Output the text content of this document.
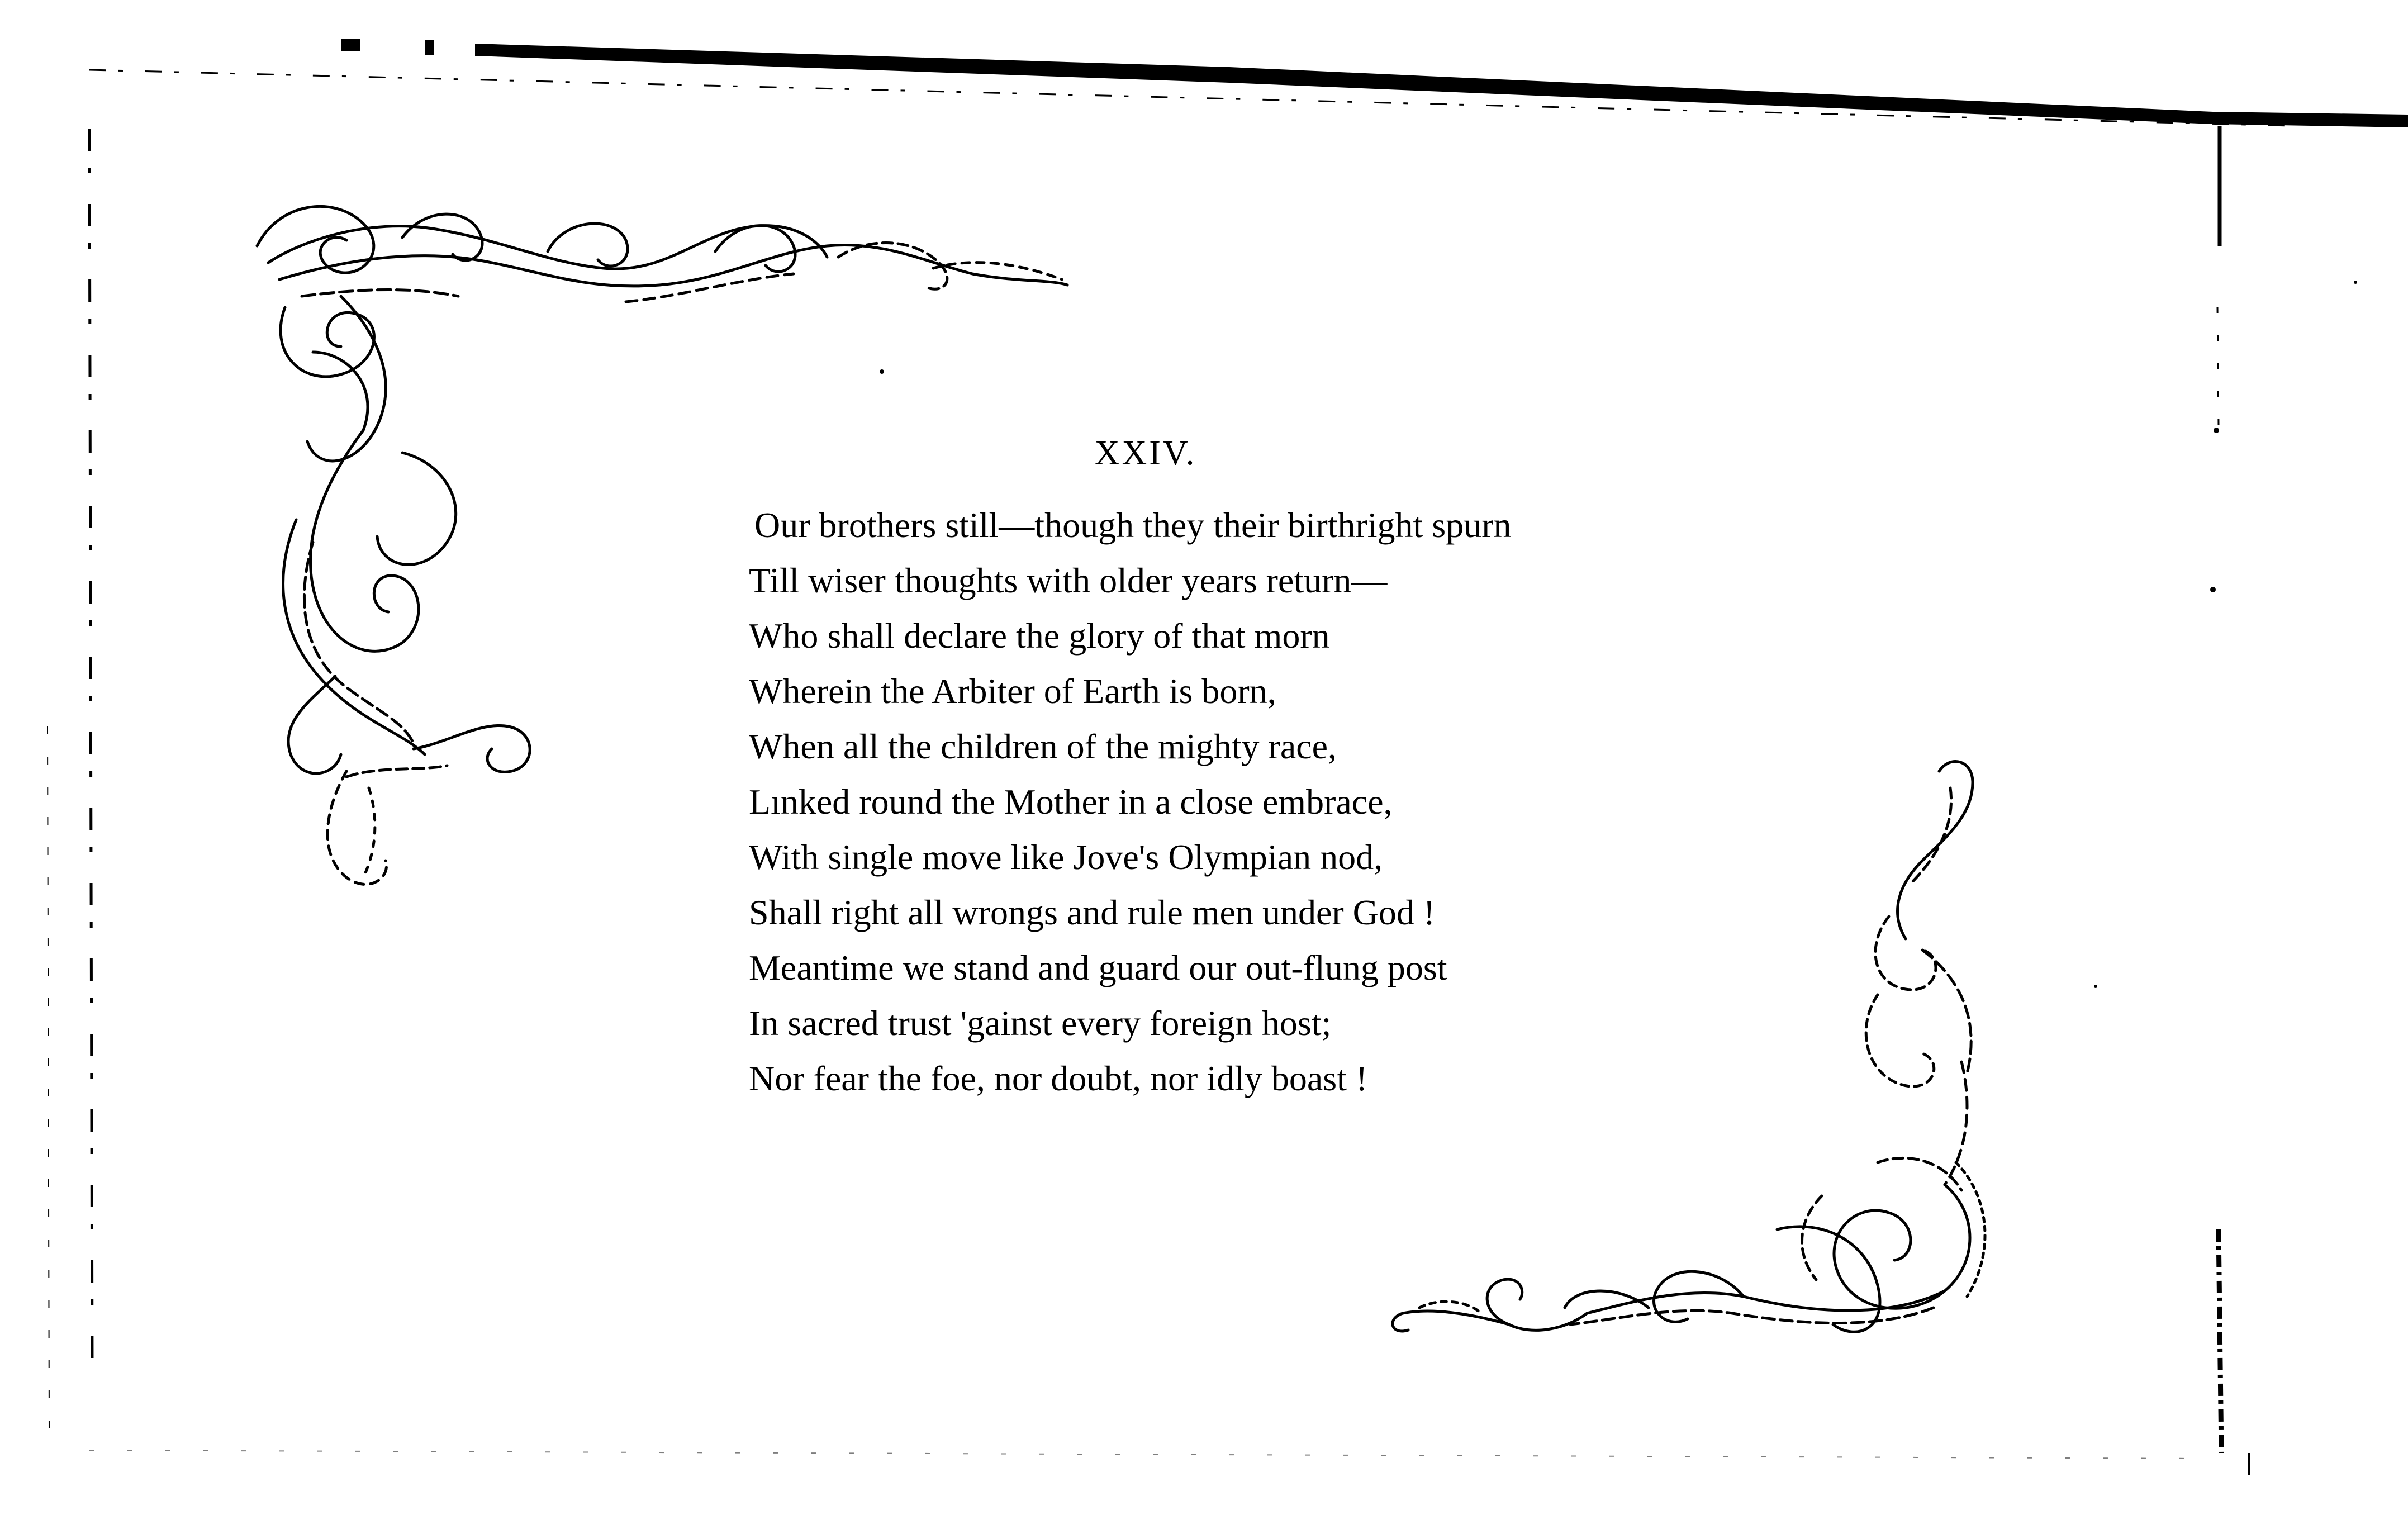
XXIV.
Our brothers still—though they their birthright spurn
Till wiser thoughts with older years return—
Who shall declare the glory of that morn
Wherein the Arbiter of Earth is born,
When all the children of the mighty race,
Lınked round the Mother in a close embrace,
With single move like Jove's Olympian nod,
Shall right all wrongs and rule men under God !
Meantime we stand and guard our out-flung post
In sacred trust 'gainst every foreign host;
Nor fear the foe, nor doubt, nor idly boast !
